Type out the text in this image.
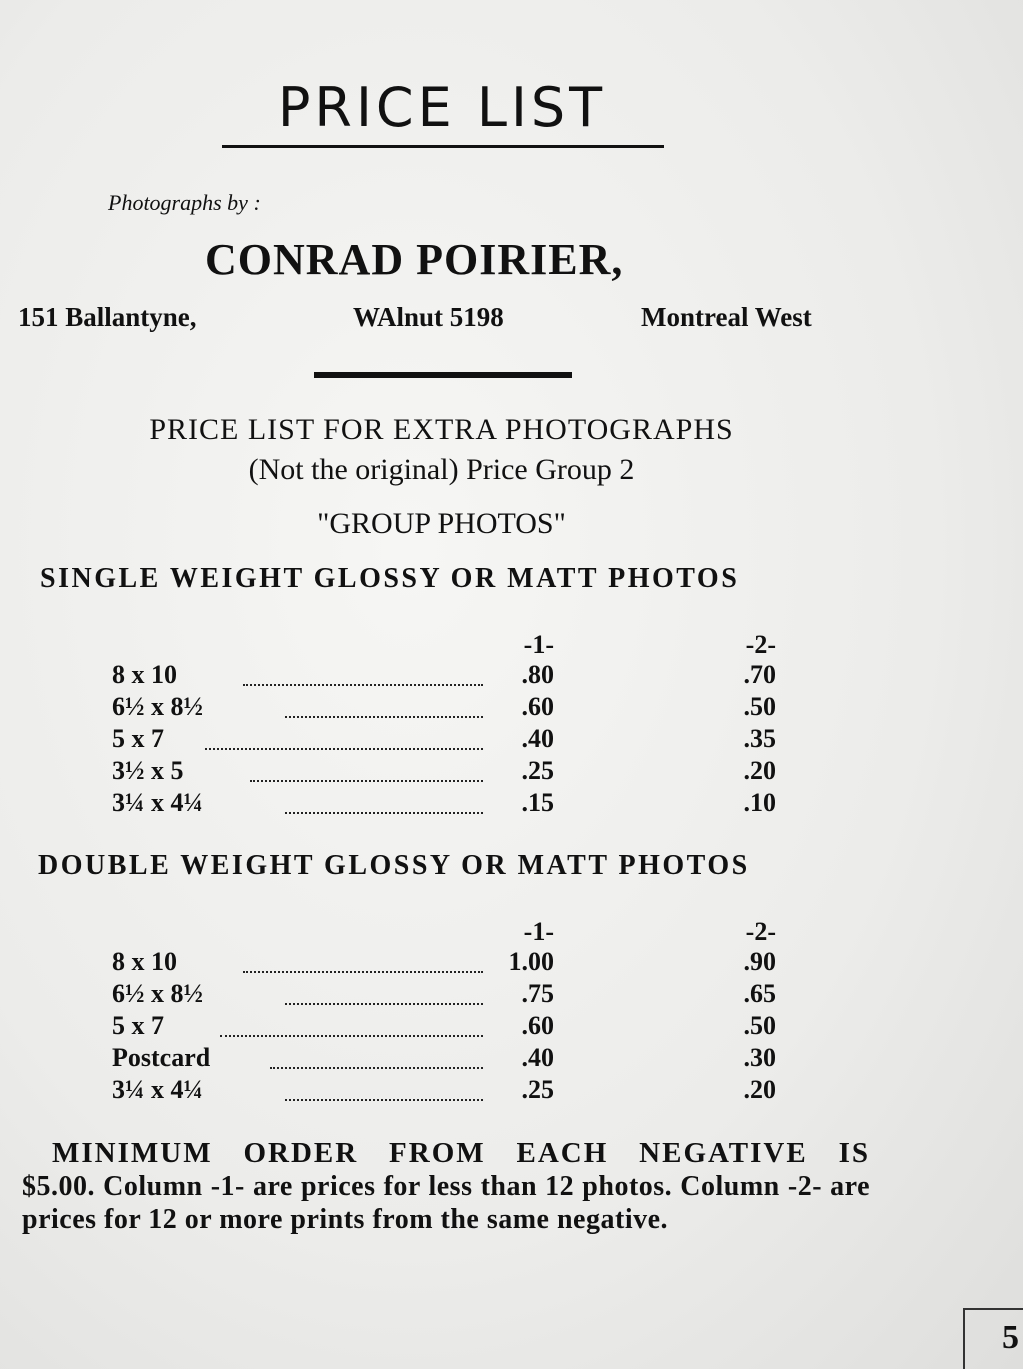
PRICE LIST
Photographs by :
CONRAD POIRIER,
151 Ballantyne,	WAlnut 5198	Montreal West
PRICE LIST FOR EXTRA PHOTOGRAPHS
(Not the original) Price Group 2
"GROUP PHOTOS"
SINGLE WEIGHT GLOSSY OR MATT PHOTOS
-1-	-2-
8 x 10	.80	.70
6½ x 8½	.60	.50
5 x 7	.40	.35
3½ x 5	.25	.20
3¼ x 4¼	.15	.10
DOUBLE WEIGHT GLOSSY OR MATT PHOTOS
-1-	-2-
8 x 10	1.00	.90
6½ x 8½	.75	.65
5 x 7	.60	.50
Postcard	.40	.30
3¼ x 4¼	.25	.20
MINIMUM ORDER FROM EACH NEGATIVE IS
$5.00. Column -1- are prices for less than 12 photos. Column -2- are prices for 12 or more prints from the same negative.
5
